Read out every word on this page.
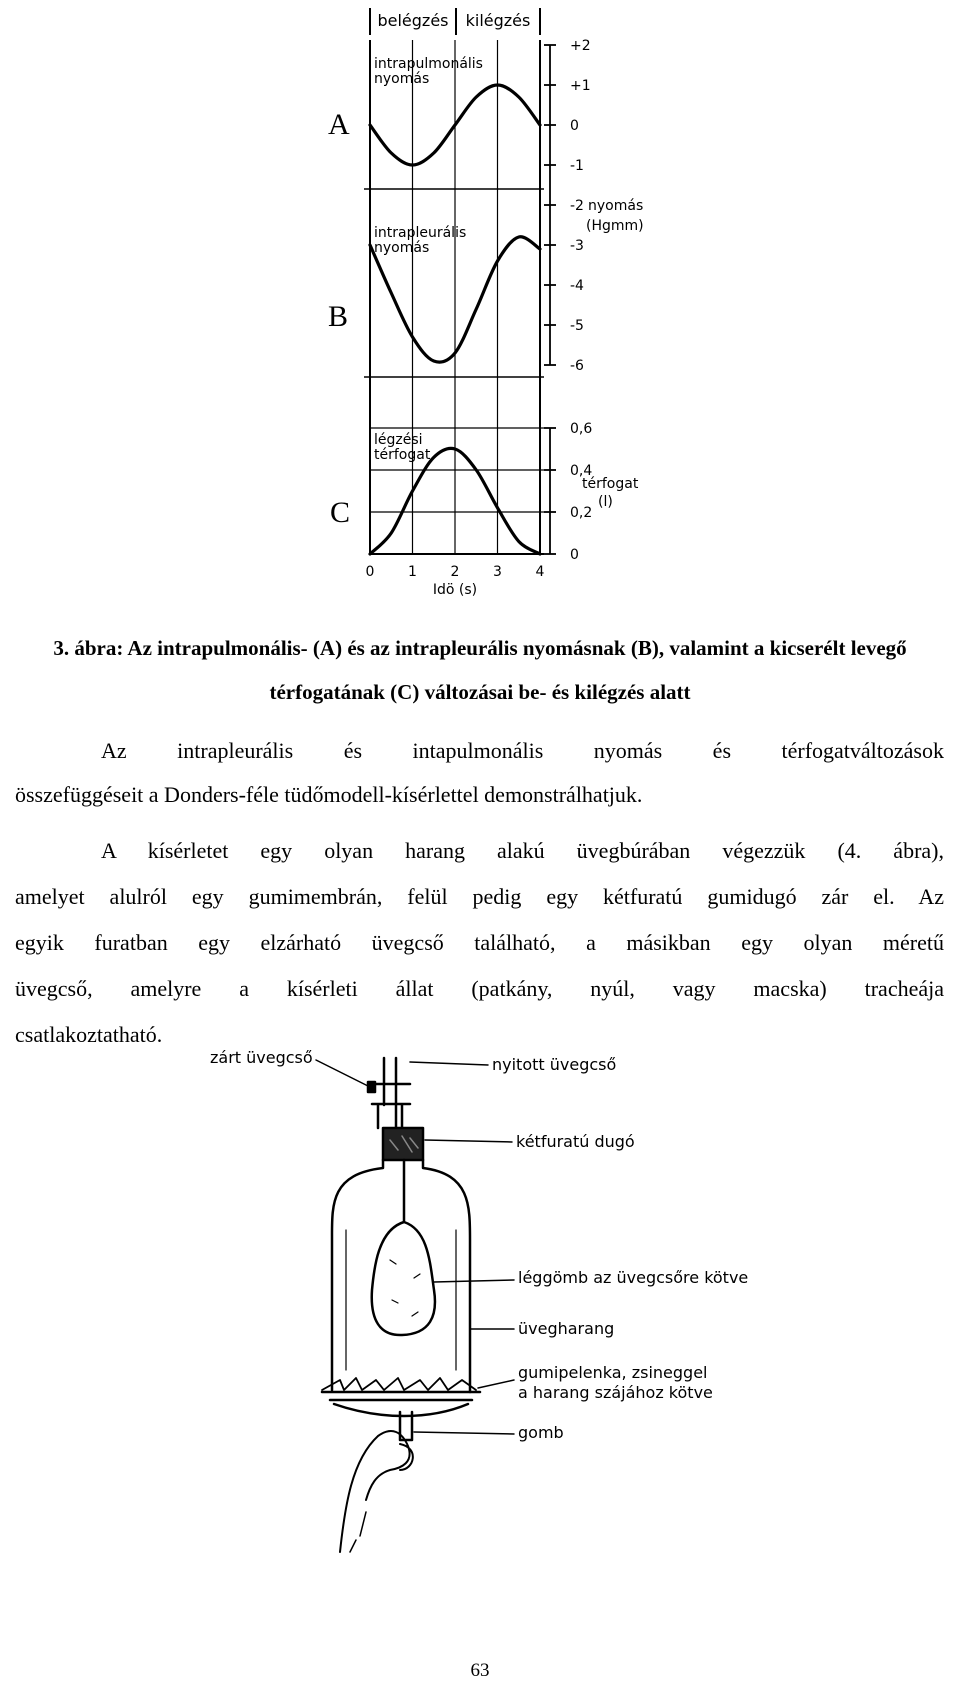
belégzés kilégzés
intrapulmonális
nyomás
intrapleurális
nyomás
légzési
térfogat
nyomás
(Hgmm)
térfogat
(l)
+2
+1
0
-1
-2
-3
-4
-5
-6
0,6
0,4
0,2
0
0 1 2 3 4
Idö (s)
zárt üvegcső	nyitott üvegcső
kétfuratú dugó
léggömb az üvegcsőre kötve
üvegharang
gumipelenka, zsineggel
a harang szájához kötve
gomb
A
B
C
3. ábra: Az intrapulmonális- (A) és az intrapleurális nyomásnak (B), valamint a kicserélt levegő
térfogatának (C) változásai be- és kilégzés alatt
Az intrapleurális és intapulmonális nyomás és térfogatváltozások
összefüggéseit a Donders-féle tüdőmodell-kísérlettel demonstrálhatjuk.
A kísérletet egy olyan harang alakú üvegbúrában végezzük (4. ábra),
amelyet alulról egy gumimembrán, felül pedig egy kétfuratú gumidugó zár el. Az
egyik furatban egy elzárható üvegcső található, a másikban egy olyan méretű
üvegcső, amelyre a kísérleti állat (patkány, nyúl, vagy macska) tracheája
csatlakoztatható.
63
